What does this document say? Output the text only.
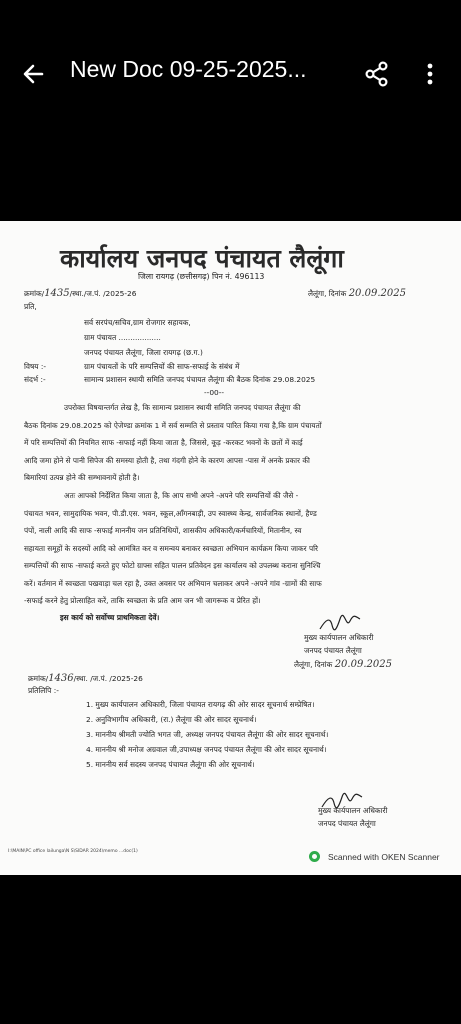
New Doc 09-25-2025...
कार्यालय जनपद पंचायत लैलूंगा
जिला रायगढ़ (छत्तीसगढ़) पिन नं. 496113
क्रमांक/1435/स्था./ज.पं. /2025-26	लैलूंगा, दिनांक 20.09.2025
प्रति,
सर्व सरपंच/सचिव,ग्राम रोजगार सहायक,
ग्राम पंचायत ..................
जनपद पंचायत लैलूंगा, जिला रायगढ़ (छ.ग.)
विषय :-	ग्राम पंचायतों के परि सम्पत्तियों की साफ-सफाई के संबंध में
संदर्भ :-	सामान्य प्रशासन स्थायी समिति जनपद पंचायत लैलूंगा की बैठक दिनांक 29.08.2025
--00--
उपरोक्त विषयान्तर्गत लेख है, कि सामान्य प्रशासन स्थायी समिति जनपद पंचायत लैलूंगा की
बैठक दिनांक 29.08.2025 को ऐजेण्डा क्रमांक 1 में सर्व सम्मति से प्रस्ताव पारित किया गया है,कि ग्राम पंचायतों
में परि सम्पत्तियों की नियमित साफ -सफाई नहीं किया जाता है, जिससे, कूड़ -करकट भवनों के छतों में काई
आदि जमा होने से पानी सिपेज की समस्या होती है, तथा गंदगी होने के कारण आपस -पास में अनके प्रकार की
बिमारियां उत्पन्न होने की सम्भावनायें होती है।
अतः आपको निर्देशित किया जाता है, कि आप सभी अपने -अपने परि सम्पत्तियों की जैसे -
पंचायत भवन, सामुदायिक भवन, पी.डी.एस. भवन, स्कूल,आँगनबाड़ी, उप स्वास्थ्य केन्द्र, सार्वजनिक स्थानों, हैण्ड
पंपों, नाली आदि की साफ -सफाई माननीय जन प्रतिनिधियों, शासकीय अधिकारी/कर्मचारियों, मितानीन, स्व
सहायता समूहों के सदस्यों आदि को आमंत्रित कर व समन्वय बनाकर स्वच्छता अभियान कार्यक्रम किया जाकर परि
सम्पत्तियों की साफ -सफाई करते हुए फोटो ग्राफ्स सहित पालन प्रतिवेदन इस कार्यालय को उपलब्ध कराना सुनिश्चि
करें। वर्तमान में स्वच्छता पखवाड़ा चल रहा है, उक्त अवसर पर अभियान चलाकर अपने -अपने गांव -ग्रामों की साफ
-सफाई करने हेतु प्रोत्साहित करें, ताकि स्वच्छता के प्रति आम जन भी जागरूक व प्रेरित हों।
इस कार्य को सर्वोच्च प्राथमिकता देवें।
मुख्य कार्यपालन अधिकारी
जनपद पंचायत लैलूंगा
लैलूंगा, दिनांक 20.09.2025
क्रमांक/1436/स्था. /ज.पं. /2025-26
प्रतिलिपि :-
1. मुख्य कार्यपालन अधिकारी, जिला पंचायत रायगढ़ की ओर सादर सूचनार्थ सम्प्रेषित।
2. अनुविभागीय अधिकारी, (रा.) लैलूंगा की ओर सादर सूचनार्थ।
3. माननीय श्रीमती ज्योति भगत जी, अध्यक्ष जनपद पंचायत लैलूंगा की ओर सादर सूचनार्थ।
4. माननीय श्री मनोज अग्रवाल जी,उपाध्यक्ष जनपद पंचायत लैलूंगा की ओर सादर सूचनार्थ।
5. माननीय सर्व सदस्य जनपद पंचायत लैलूंगा की ओर सूचनार्थ।
मुख्य कार्यपालन अधिकारी
जनपद पंचायत लैलूंगा
I:\MAIN\PC office lailunga\N S\SIDAR 2024\memo ...doc(1)
Scanned with OKEN Scanner
